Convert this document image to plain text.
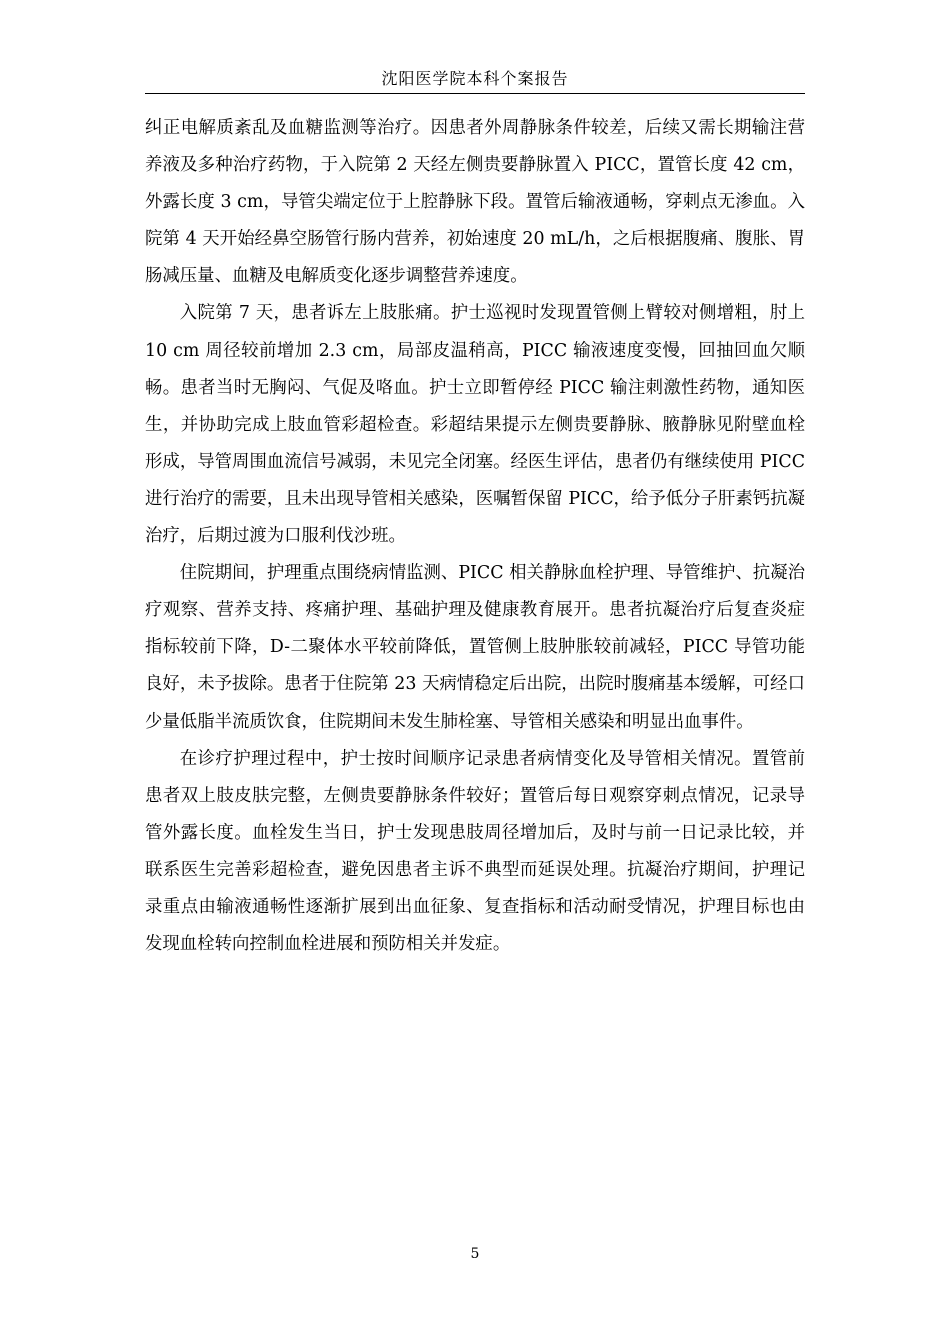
沈阳医学院本科个案报告

纠正电解质紊乱及血糖监测等治疗。因患者外周静脉条件较差，后续又需长期输注营养液及多种治疗药物，于入院第 2 天经左侧贵要静脉置入 PICC，置管长度 42 cm，外露长度 3 cm，导管尖端定位于上腔静脉下段。置管后输液通畅，穿刺点无渗血。入院第 4 天开始经鼻空肠管行肠内营养，初始速度 20 mL/h，之后根据腹痛、腹胀、胃肠减压量、血糖及电解质变化逐步调整营养速度。

入院第 7 天，患者诉左上肢胀痛。护士巡视时发现置管侧上臂较对侧增粗，肘上 10 cm 周径较前增加 2.3 cm，局部皮温稍高，PICC 输液速度变慢，回抽回血欠顺畅。患者当时无胸闷、气促及咯血。护士立即暂停经 PICC 输注刺激性药物，通知医生，并协助完成上肢血管彩超检查。彩超结果提示左侧贵要静脉、腋静脉见附壁血栓形成，导管周围血流信号减弱，未见完全闭塞。经医生评估，患者仍有继续使用 PICC 进行治疗的需要，且未出现导管相关感染，医嘱暂保留 PICC，给予低分子肝素钙抗凝治疗，后期过渡为口服利伐沙班。

住院期间，护理重点围绕病情监测、PICC 相关静脉血栓护理、导管维护、抗凝治疗观察、营养支持、疼痛护理、基础护理及健康教育展开。患者抗凝治疗后复查炎症指标较前下降，D-二聚体水平较前降低，置管侧上肢肿胀较前减轻，PICC 导管功能良好，未予拔除。患者于住院第 23 天病情稳定后出院，出院时腹痛基本缓解，可经口少量低脂半流质饮食，住院期间未发生肺栓塞、导管相关感染和明显出血事件。

在诊疗护理过程中，护士按时间顺序记录患者病情变化及导管相关情况。置管前患者双上肢皮肤完整，左侧贵要静脉条件较好；置管后每日观察穿刺点情况，记录导管外露长度。血栓发生当日，护士发现患肢周径增加后，及时与前一日记录比较，并联系医生完善彩超检查，避免因患者主诉不典型而延误处理。抗凝治疗期间，护理记录重点由输液通畅性逐渐扩展到出血征象、复查指标和活动耐受情况，护理目标也由发现血栓转向控制血栓进展和预防相关并发症。

5
